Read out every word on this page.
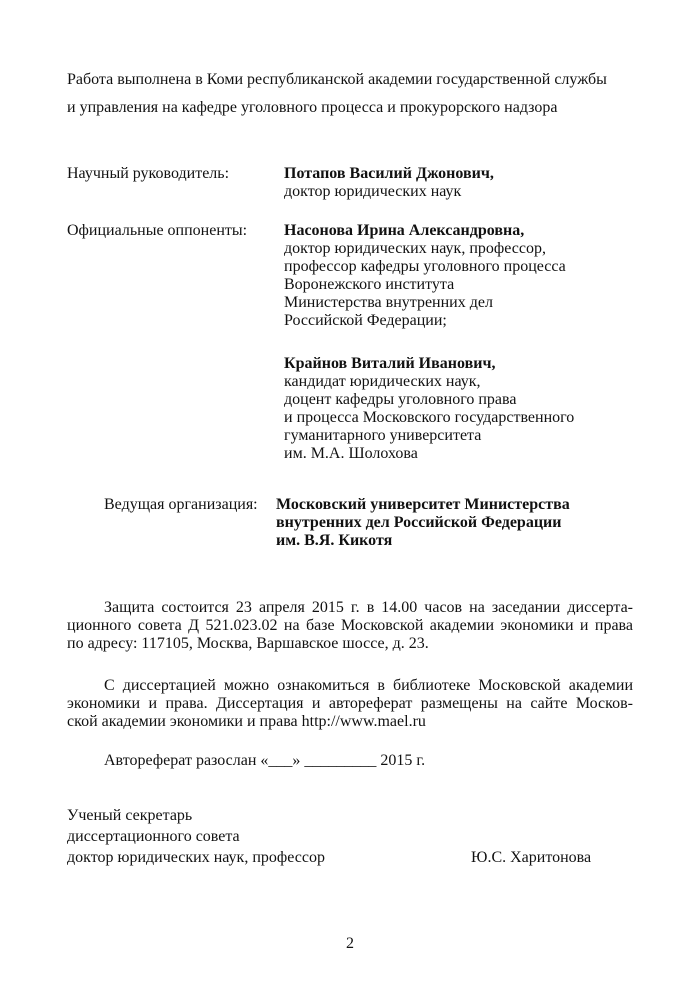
Работа выполнена в Коми республиканской академии государственной службы
и управления на кафедре уголовного процесса и прокурорского надзора
Научный руководитель:	Потапов Василий Джонович,
доктор юридических наук
Официальные оппоненты: Насонова Ирина Александровна,
доктор юридических наук, профессор,
профессор кафедры уголовного процесса
Воронежского института
Министерства внутренних дел
Российской Федерации;
Крайнов Виталий Иванович,
кандидат юридических наук,
доцент кафедры уголовного права
и процесса Московского государственного
гуманитарного университета
им. М.А. Шолохова
Ведущая организация: Московский университет Министерства
внутренних дел Российской Федерации
им. В.Я. Кикотя
Защита состоится 23 апреля 2015 г. в 14.00 часов на заседании диссерта-
ционного совета Д 521.023.02 на базе Московской академии экономики и права
по адресу: 117105, Москва, Варшавское шоссе, д. 23.
С диссертацией можно ознакомиться в библиотеке Московской академии
экономики и права. Диссертация и автореферат размещены на сайте Москов-
ской академии экономики и права http://www.mael.ru
Автореферат разослан «___» _________ 2015 г.
Ученый секретарь
диссертационного совета
доктор юридических наук, профессор	Ю.С. Харитонова
2
